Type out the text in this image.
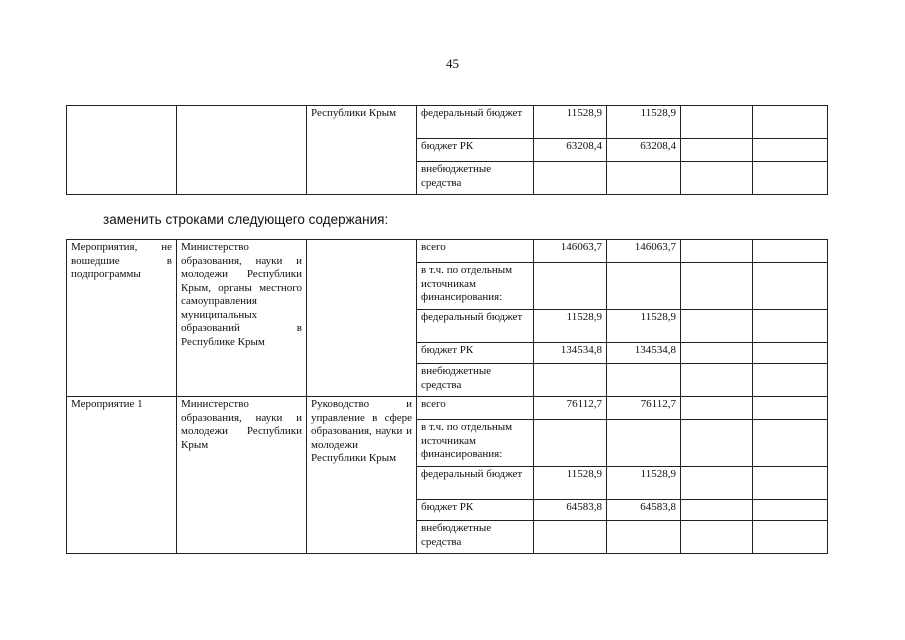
45
		Республики Крым	федеральный бюджет	11528,9	11528,9		
			бюджет РК	63208,4	63208,4		
			внебюджетные средства				
заменить строками следующего содержания:
Мероприятия, не
вошедшие в
подпрограммы	Министерство образования, науки и молодежи Республики Крым, органы местного самоуправления муниципальных образований в Республике Крым		всего	146063,7	146063,7		
			в т.ч. по отдельным источникам финансирования:				
			федеральный бюджет	11528,9	11528,9		
			бюджет РК	134534,8	134534,8		
			внебюджетные средства				
Мероприятие 1	Министерство образования, науки и молодежи Республики Крым	Руководство и управление в сфере образования, науки и молодежи Республики Крым	всего	76112,7	76112,7		
			в т.ч. по отдельным источникам финансирования:				
			федеральный бюджет	11528,9	11528,9		
			бюджет РК	64583,8	64583,8		
			внебюджетные средства				
